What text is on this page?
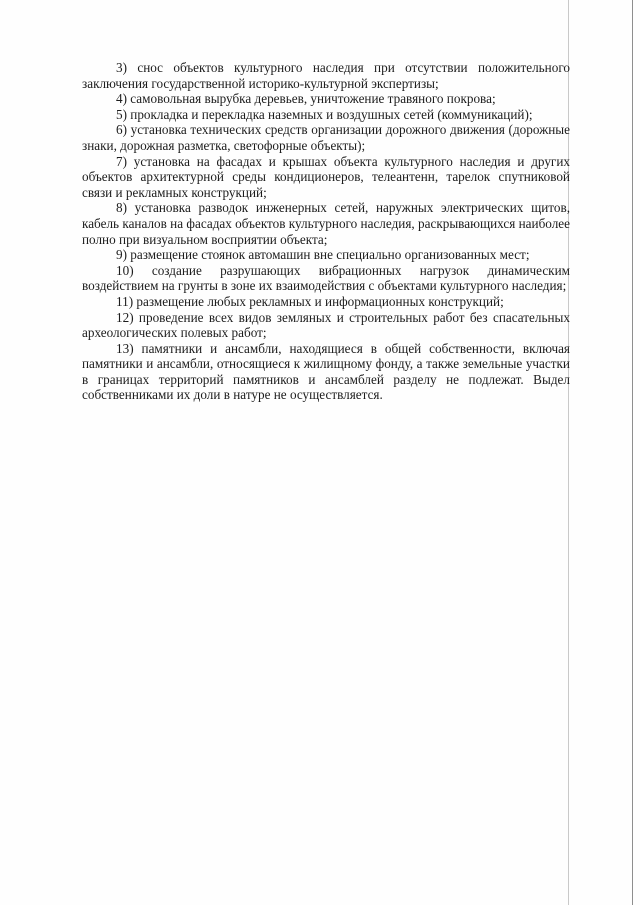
3) снос объектов культурного наследия при отсутствии положительного заключения государственной историко-культурной экспертизы;

4) самовольная вырубка деревьев, уничтожение травяного покрова;

5) прокладка и перекладка наземных и воздушных сетей (коммуникаций);

6) установка технических средств организации дорожного движения (дорожные знаки, дорожная разметка, светофорные объекты);

7) установка на фасадах и крышах объекта культурного наследия и других объектов архитектурной среды кондиционеров, телеантенн, тарелок спутниковой связи и рекламных конструкций;

8) установка разводок инженерных сетей, наружных электрических щитов, кабель каналов на фасадах объектов культурного наследия, раскрывающихся наиболее полно при визуальном восприятии объекта;

9) размещение стоянок автомашин вне специально организованных мест;

10) создание разрушающих вибрационных нагрузок динамическим воздействием на грунты в зоне их взаимодействия с объектами культурного наследия;

11) размещение любых рекламных и информационных конструкций;

12) проведение всех видов земляных и строительных работ без спасательных археологических полевых работ;

13) памятники и ансамбли, находящиеся в общей собственности, включая памятники и ансамбли, относящиеся к жилищному фонду, а также земельные участки в границах территорий памятников и ансамблей разделу не подлежат. Выдел собственниками их доли в натуре не осуществляется.
